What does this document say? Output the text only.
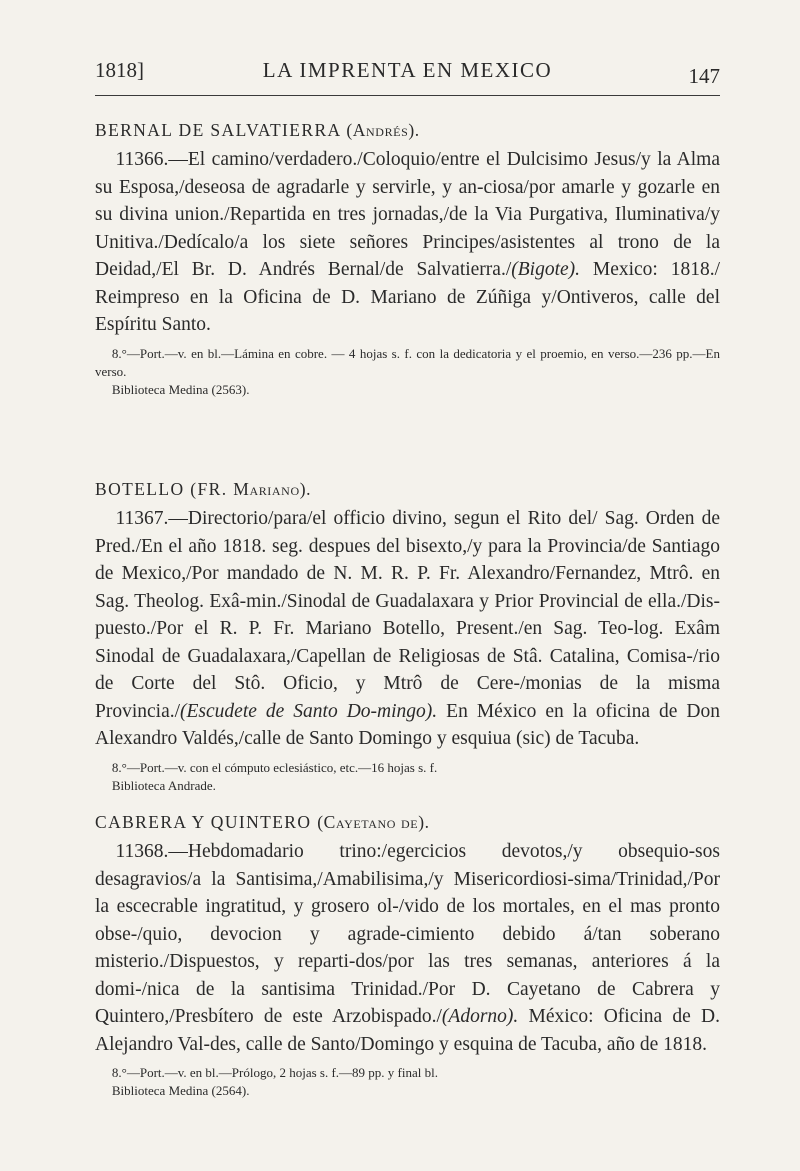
1818]	LA IMPRENTA EN MEXICO	147

BERNAL DE SALVATIERRA (Andrés).

11366.—El camino/verdadero./Coloquio/entre el Dulcisimo Jesus/y la Alma su Esposa,/deseosa de agradarle y servirle, y an-ciosa/por amarle y gozarle en su divina union./Repartida en tres jornadas,/de la Via Purgativa, Iluminativa/y Unitiva./Dedícalo/a los siete señores Principes/asistentes al trono de la Deidad,/El Br. D. Andrés Bernal/de Salvatierra./(Bigote). Mexico: 1818./ Reimpreso en la Oficina de D. Mariano de Zúñiga y/Ontiveros, calle del Espíritu Santo.

8.°—Port.—v. en bl.—Lámina en cobre. — 4 hojas s. f. con la dedicatoria y el proemio, en verso.—236 pp.—En verso.

Biblioteca Medina (2563).

BOTELLO (FR. Mariano).

11367.—Directorio/para/el officio divino, segun el Rito del/ Sag. Orden de Pred./En el año 1818. seg. despues del bisexto,/y para la Provincia/de Santiago de Mexico,/Por mandado de N. M. R. P. Fr. Alexandro/Fernandez, Mtrô. en Sag. Theolog. Exâ-min./Sinodal de Guadalaxara y Prior Provincial de ella./Dis-puesto./Por el R. P. Fr. Mariano Botello, Present./en Sag. Teo-log. Exâm Sinodal de Guadalaxara,/Capellan de Religiosas de Stâ. Catalina, Comisa-/rio de Corte del Stô. Oficio, y Mtrô de Cere-/monias de la misma Provincia./(Escudete de Santo Do-mingo). En México en la oficina de Don Alexandro Valdés,/calle de Santo Domingo y esquiua (sic) de Tacuba.

8.°—Port.—v. con el cómputo eclesiástico, etc.—16 hojas s. f.

Biblioteca Andrade.

CABRERA Y QUINTERO (Cayetano de).

11368.—Hebdomadario trino:/egercicios devotos,/y obsequio-sos desagravios/a la Santisima,/Amabilisima,/y Misericordiosi-sima/Trinidad,/Por la escecrable ingratitud, y grosero ol-/vido de los mortales, en el mas pronto obse-/quio, devocion y agrade-cimiento debido á/tan soberano misterio./Dispuestos, y reparti-dos/por las tres semanas, anteriores á la domi-/nica de la santisima Trinidad./Por D. Cayetano de Cabrera y Quintero,/Presbítero de este Arzobispado./(Adorno). México: Oficina de D. Alejandro Val-des, calle de Santo/Domingo y esquina de Tacuba, año de 1818.

8.°—Port.—v. en bl.—Prólogo, 2 hojas s. f.—89 pp. y final bl.

Biblioteca Medina (2564).
